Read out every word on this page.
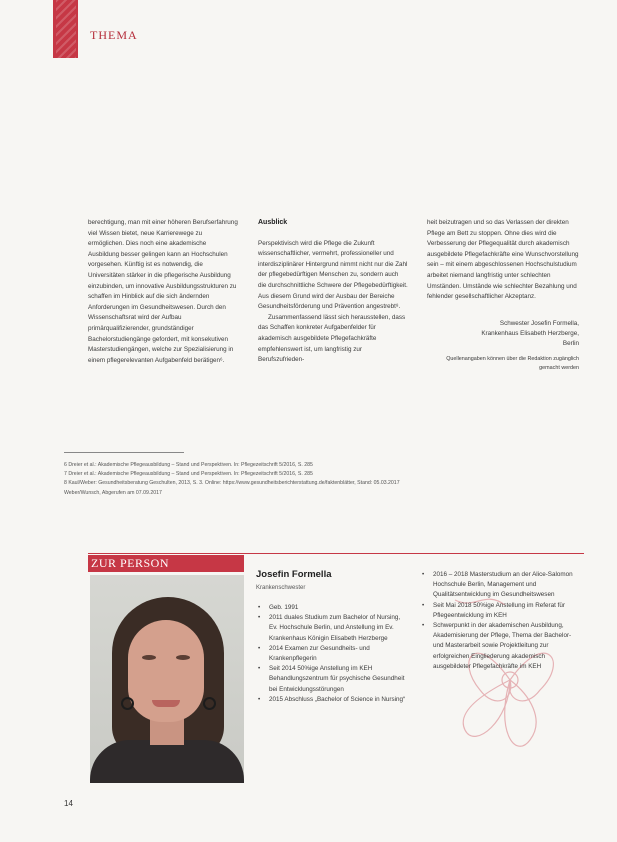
THEMA

berechtigung, man mit einer höheren Berufserfahrung viel Wissen bietet, neue Karrierewege zu ermöglichen. Dies noch eine akademische Ausbildung besser gelingen kann an Hochschulen vorgesehen. Künftig ist es notwendig, die Universitäten stärker in die pflegerische Ausbildung einzubinden, um innovative Ausbildungsstrukturen zu schaffen im Hinblick auf die sich ändernden Anforderungen im Gesundheitswesen. Durch den Wissenschaftsrat wird der Aufbau primärqualifizierender, grundständiger Bachelorstudiengänge gefordert, mit konsekutiven Masterstudiengängen, welche zur Spezialisierung in einem pflegerelevanten Aufgabenfeld berätigen⁶.

Ausblick

Perspektivisch wird die Pflege die Zukunft wissenschaftlicher, vermehrt, professioneller und interdisziplinärer Hintergrund nimmt nicht nur die Zahl der pflegebedürftigen Menschen zu, sondern auch die durchschnittliche Schwere der Pflegebedürftigkeit. Aus diesem Grund wird der Ausbau der Bereiche Gesundheitsförderung und Prävention angestrebt⁸.

Zusammenfassend lässt sich herausstellen, dass das Schaffen konkreter Aufgabenfelder für akademisch ausgebildete Pflegefachkräfte empfehlenswert ist, um langfristig zur Berufszufrieden-

heit beizutragen und so das Verlassen der direkten Pflege am Bett zu stoppen. Ohne dies wird die Verbesserung der Pflegequalität durch akademisch ausgebildete Pflegefachkräfte eine Wunschvorstellung sein – mit einem abgeschlossenen Hochschulstudium arbeitet niemand langfristig unter schlechten Umständen. Umstände wie schlechter Bezahlung und fehlender gesellschaftlicher Akzeptanz.

Schwester Josefin Formella,
Krankenhaus Elisabeth Herzberge,
Berlin

Quellenangaben können über die Redaktion zugänglich gemacht werden

6 Dreier et al.: Akademische Pflegeausbildung – Stand und Perspektiven. In: Pflegezeitschrift 5/2016, S. 285

7 Dreier et al.: Akademische Pflegeausbildung – Stand und Perspektiven. In: Pflegezeitschrift 5/2016, S. 285

8 Kaul/Weber: Gesundheitsberatung Geschulten, 2013, S. 3. Online: https://www.gesundheitsberichterstattung.de/faktenblätter, Stand: 05.03.2017

Weber/Wunsch, Abgerufen am 07.09.2017

ZUR PERSON
Josefin Formella
Krankenschwester
• Geb. 1991
• 2011 duales Studium zum Bachelor of Nursing, Ev. Hochschule Berlin, und Anstellung im Ev. Krankenhaus Königin Elisabeth Herzberge
• 2014 Examen zur Gesundheits- und Krankenpflegerin
• Seit 2014 50%ige Anstellung im KEH Behandlungszentrum für psychische Gesundheit bei Entwicklungsstörungen
• 2015 Abschluss „Bachelor of Science in Nursing“
• 2016 – 2018 Masterstudium an der Alice-Salomon Hochschule Berlin, Management und Qualitätsentwicklung im Gesundheitswesen
• Seit Mai 2018 50%ige Anstellung im Referat für Pflegeentwicklung im KEH
• Schwerpunkt in der akademischen Ausbildung, Akademisierung der Pflege, Thema der Bachelor- und Masterarbeit sowie Projektleitung zur erfolgreichen Eingliederung akademisch ausgebildeter Pflegefachkräfte im KEH
14
